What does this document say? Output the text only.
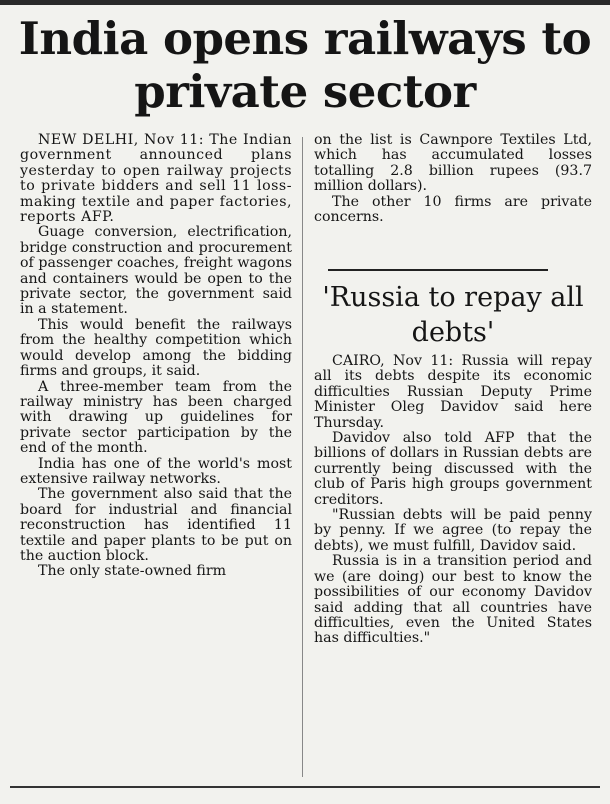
India opens railways to private sector

NEW DELHI, Nov 11: The Indian government announced plans yesterday to open railway projects to private bidders and sell 11 loss-making textile and paper factories, reports AFP.

Guage conversion, electrification, bridge construction and procurement of passenger coaches, freight wagons and containers would be open to the private sector, the government said in a statement.

This would benefit the railways from the healthy competition which would develop among the bidding firms and groups, it said.

A three-member team from the railway ministry has been charged with drawing up guidelines for private sector participation by the end of the month.

India has one of the world's most extensive railway networks.

The government also said that the board for industrial and financial reconstruction has identified 11 textile and paper plants to be put on the auction block.

The only state-owned firm

on the list is Cawnpore Textiles Ltd, which has accumulated losses totalling 2.8 billion rupees (93.7 million dollars).

The other 10 firms are private concerns.

'Russia to repay all debts'

CAIRO, Nov 11: Russia will repay all its debts despite its economic difficulties Russian Deputy Prime Minister Oleg Davidov said here Thursday.

Davidov also told AFP that the billions of dollars in Russian debts are currently being discussed with the club of Paris high groups government creditors.

"Russian debts will be paid penny by penny. If we agree (to repay the debts), we must fulfill, Davidov said.

Russia is in a transition period and we (are doing) our best to know the possibilities of our economy Davidov said adding that all countries have difficulties, even the United States has difficulties."
